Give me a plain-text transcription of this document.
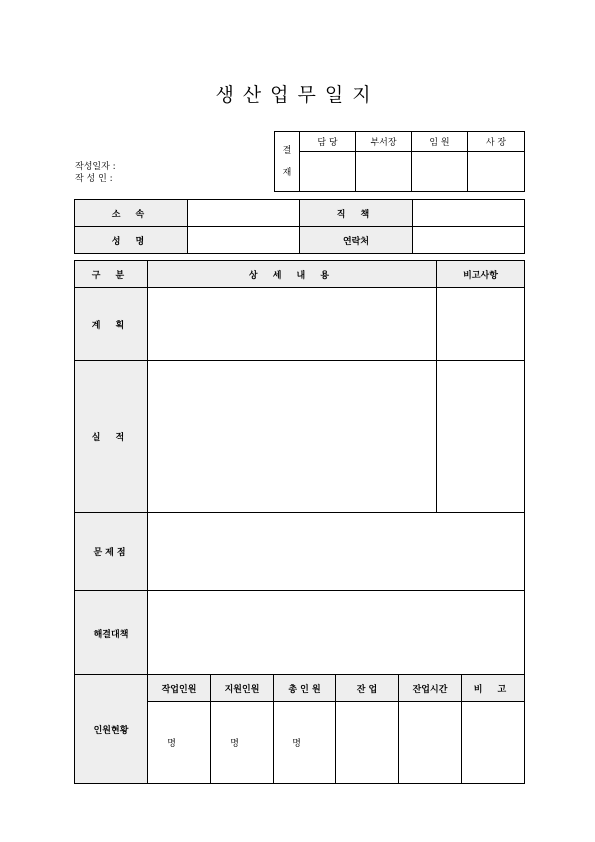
생산업무일지
작성일자 :
작 성 인 :
결
재	담 당	부서장	임 원	사 장

소 속		직 책	
성 명		연락처	
구 분	상 세 내 용	비고사항
계 획		
실 적		
문제점		
해결대책		
인원현황	작업인원	지원인원	총 인 원	잔 업	잔업시간	비 고
	명	명	명			
